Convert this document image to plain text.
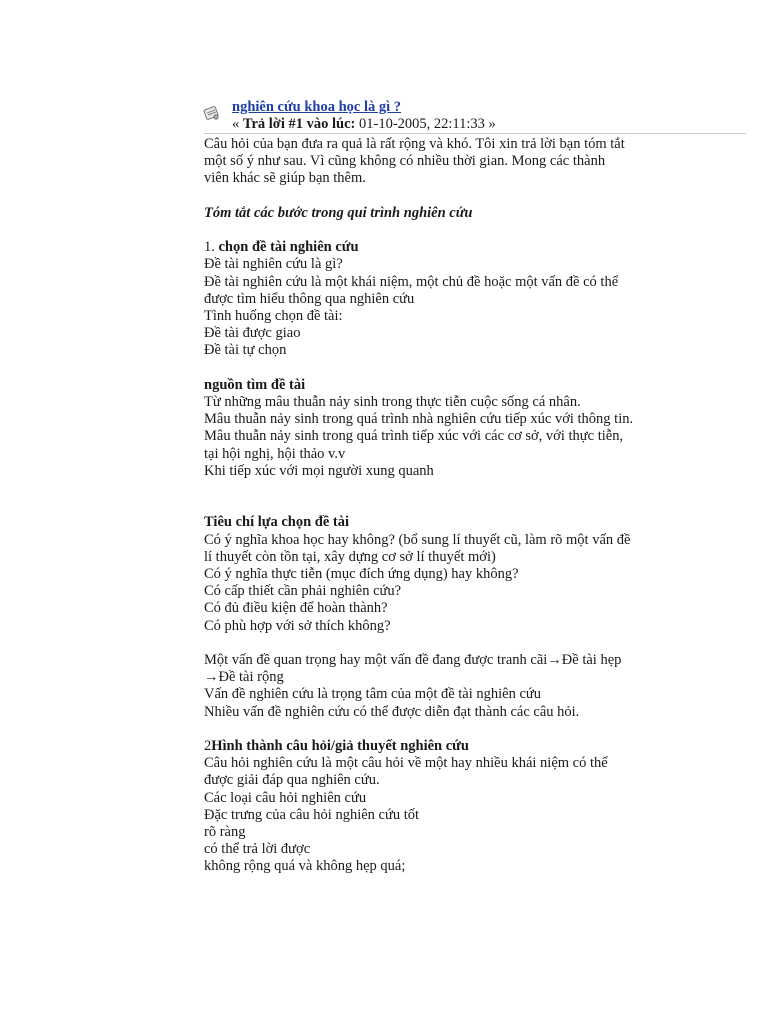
nghiên cứu khoa học là gì ?
« Trả lời #1 vào lúc: 01-10-2005, 22:11:33 »

Câu hỏi của bạn đưa ra quả là rất rộng và khó. Tôi xin trả lời bạn tóm tắt

một số ý như sau. Vì cũng không có nhiều thời gian. Mong các thành

viên khác sẽ giúp bạn thêm.

Tóm tắt các bước trong qui trình nghiên cứu

1. chọn đề tài nghiên cứu

Đề tài nghiên cứu là gì?

Đề tài nghiên cứu là một khái niệm, một chủ đề hoặc một vấn đề có thể

được tìm hiểu thông qua nghiên cứu

Tình huống chọn đề tài:

Đề tài được giao

Đề tài tự chọn

nguồn tìm đề tài

Từ những mâu thuẫn nảy sinh trong thực tiễn cuộc sống cá nhân.

Mâu thuẫn nảy sinh trong quá trình nhà nghiên cứu tiếp xúc với thông tin.

Mâu thuẫn nảy sinh trong quá trình tiếp xúc với các cơ sở, với thực tiễn,

tại hội nghị, hội thảo v.v

Khi tiếp xúc với mọi người xung quanh

Tiêu chí lựa chọn đề tài

Có ý nghĩa khoa học hay không? (bổ sung lí thuyết cũ, làm rõ một vấn đề

lí thuyết còn tồn tại, xây dựng cơ sở lí thuyết mới)

Có ý nghĩa thực tiễn (mục đích ứng dụng) hay không?

Có cấp thiết cần phải nghiên cứu?

Có đủ điều kiện để hoàn thành?

Có phù hợp với sở thích không?

Một vấn đề quan trọng hay một vấn đề đang được tranh cãi→Đề tài hẹp

→Đề tài rộng

Vấn đề nghiên cứu là trọng tâm của một đề tài nghiên cứu

Nhiều vấn đề nghiên cứu có thể được diễn đạt thành các câu hỏi.

2Hình thành câu hỏi/giả thuyết nghiên cứu

Câu hỏi nghiên cứu là một câu hỏi về một hay nhiều khái niệm có thể

được giải đáp qua nghiên cứu.

Các loại câu hỏi nghiên cứu

Đặc trưng của câu hỏi nghiên cứu tốt

rõ ràng

có thể trả lời được

không rộng quá và không hẹp quá;
